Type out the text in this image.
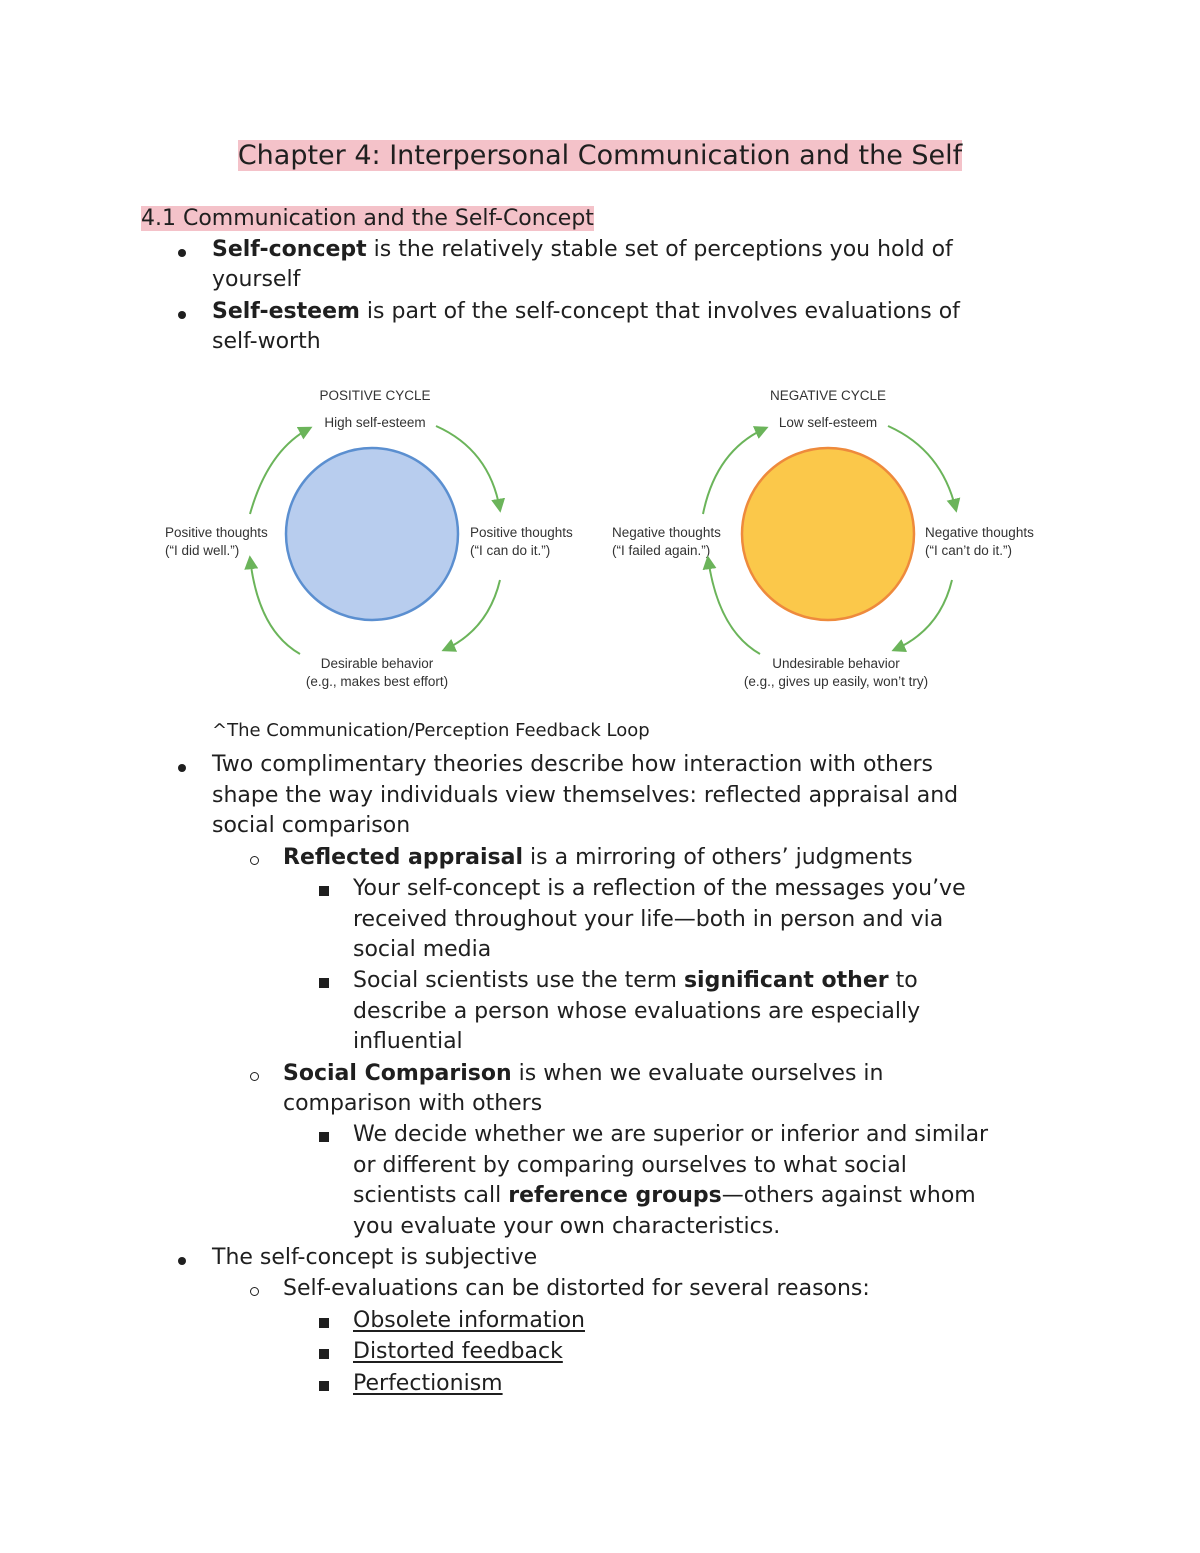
Chapter 4: Interpersonal Communication and the Self
4.1 Communication and the Self-Concept
Self-concept is the relatively stable set of perceptions you hold of
yourself
Self-esteem is part of the self-concept that involves evaluations of
self-worth
POSITIVE CYCLE
High self-esteem
Positive thoughts
(“I can do it.”)
Desirable behavior
(e.g., makes best effort)
Positive thoughts
(“I did well.”)
NEGATIVE CYCLE
Low self-esteem
Negative thoughts
(“I can’t do it.”)
Undesirable behavior
(e.g., gives up easily, won’t try)
Negative thoughts
(“I failed again.”)
^The Communication/Perception Feedback Loop
Two complimentary theories describe how interaction with others
shape the way individuals view themselves: reflected appraisal and
social comparison
Reflected appraisal is a mirroring of others’ judgments
Your self-concept is a reflection of the messages you’ve
received throughout your life—both in person and via
social media
Social scientists use the term significant other to
describe a person whose evaluations are especially
influential
Social Comparison is when we evaluate ourselves in
comparison with others
We decide whether we are superior or inferior and similar
or different by comparing ourselves to what social
scientists call reference groups—others against whom
you evaluate your own characteristics.
The self-concept is subjective
Self-evaluations can be distorted for several reasons:
Obsolete information
Distorted feedback
Perfectionism
